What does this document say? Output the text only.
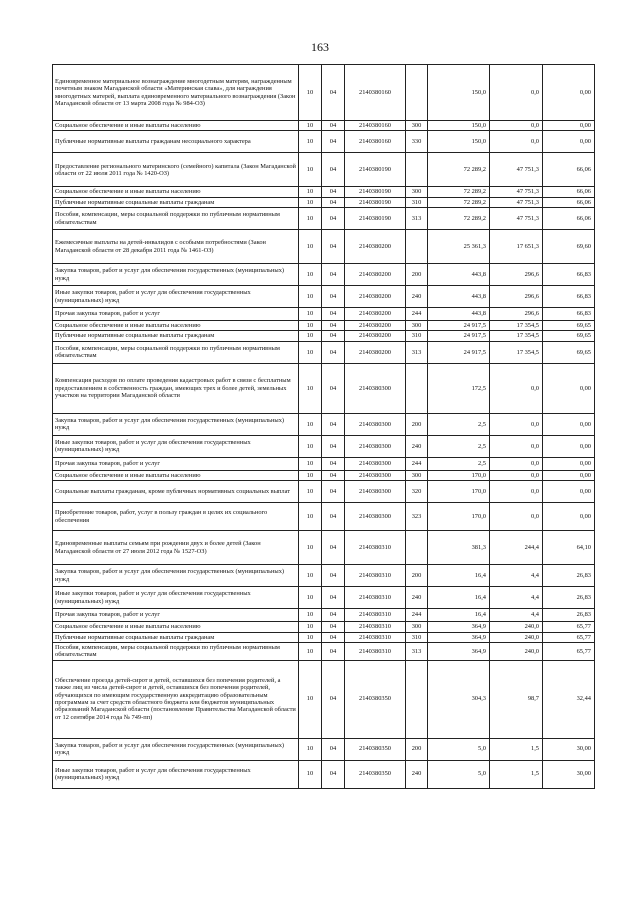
163
Единовременное материальное вознаграждение многодетным матерям, награжденным почетным знаком Магаданской области «Материнская слава», для награждения многодетных матерей, выплата единовременного материального вознаграждения (Закон Магаданской области от 13 марта 2008 года № 984-ОЗ)	10	04	2140380160		150,0	0,0	0,00
Социальное обеспечение и иные выплаты населению	10	04	2140380160	300	150,0	0,0	0,00
Публичные нормативные выплаты гражданам несоциального характера	10	04	2140380160	330	150,0	0,0	0,00
Предоставление регионального материнского (семейного) капитала (Закон Магаданской области от 22 июля 2011 года № 1420-ОЗ)	10	04	2140380190		72 289,2	47 751,3	66,06
Социальное обеспечение и иные выплаты населению	10	04	2140380190	300	72 289,2	47 751,3	66,06
Публичные нормативные социальные выплаты гражданам	10	04	2140380190	310	72 289,2	47 751,3	66,06
Пособия, компенсации, меры социальной поддержки по публичным нормативным обязательствам	10	04	2140380190	313	72 289,2	47 751,3	66,06
Ежемесячные выплаты на детей-инвалидов с особыми потребностями (Закон Магаданской области от 28 декабря 2011 года № 1461-ОЗ)	10	04	2140380200		25 361,3	17 651,3	69,60
Закупка товаров, работ и услуг для обеспечения государственных (муниципальных) нужд	10	04	2140380200	200	443,8	296,6	66,83
Иные закупки товаров, работ и услуг для обеспечения государственных (муниципальных) нужд	10	04	2140380200	240	443,8	296,6	66,83
Прочая закупка товаров, работ и услуг	10	04	2140380200	244	443,8	296,6	66,83
Социальное обеспечение и иные выплаты населению	10	04	2140380200	300	24 917,5	17 354,5	69,65
Публичные нормативные социальные выплаты гражданам	10	04	2140380200	310	24 917,5	17 354,5	69,65
Пособия, компенсации, меры социальной поддержки по публичным нормативным обязательствам	10	04	2140380200	313	24 917,5	17 354,5	69,65
Компенсация расходов по оплате проведения кадастровых работ в связи с бесплатным предоставлением в собственность граждан, имеющих трех и более детей, земельных участков на территории Магаданской области	10	04	2140380300		172,5	0,0	0,00
Закупка товаров, работ и услуг для обеспечения государственных (муниципальных) нужд	10	04	2140380300	200	2,5	0,0	0,00
Иные закупки товаров, работ и услуг для обеспечения государственных (муниципальных) нужд	10	04	2140380300	240	2,5	0,0	0,00
Прочая закупка товаров, работ и услуг	10	04	2140380300	244	2,5	0,0	0,00
Социальное обеспечение и иные выплаты населению	10	04	2140380300	300	170,0	0,0	0,00
Социальные выплаты гражданам, кроме публичных нормативных социальных выплат	10	04	2140380300	320	170,0	0,0	0,00
Приобретение товаров, работ, услуг в пользу граждан в целях их социального обеспечения	10	04	2140380300	323	170,0	0,0	0,00
Единовременные выплаты семьям при рождении двух и более детей (Закон Магаданской области от 27 июля 2012 года № 1527-ОЗ)	10	04	2140380310		381,3	244,4	64,10
Закупка товаров, работ и услуг для обеспечения государственных (муниципальных) нужд	10	04	2140380310	200	16,4	4,4	26,83
Иные закупки товаров, работ и услуг для обеспечения государственных (муниципальных) нужд	10	04	2140380310	240	16,4	4,4	26,83
Прочая закупка товаров, работ и услуг	10	04	2140380310	244	16,4	4,4	26,83
Социальное обеспечение и иные выплаты населению	10	04	2140380310	300	364,9	240,0	65,77
Публичные нормативные социальные выплаты гражданам	10	04	2140380310	310	364,9	240,0	65,77
Пособия, компенсации, меры социальной поддержки по публичным нормативным обязательствам	10	04	2140380310	313	364,9	240,0	65,77
Обеспечение проезда детей-сирот и детей, оставшихся без попечения родителей, а также лиц из числа детей-сирот и детей, оставшихся без попечения родителей, обучающихся по имеющим государственную аккредитацию образовательным программам за счет средств областного бюджета или бюджетов муниципальных образований Магаданской области (постановление Правительства Магаданской области от 12 сентября 2014 года № 749-пп)	10	04	2140380350		304,3	98,7	32,44
Закупка товаров, работ и услуг для обеспечения государственных (муниципальных) нужд	10	04	2140380350	200	5,0	1,5	30,00
Иные закупки товаров, работ и услуг для обеспечения государственных (муниципальных) нужд	10	04	2140380350	240	5,0	1,5	30,00
